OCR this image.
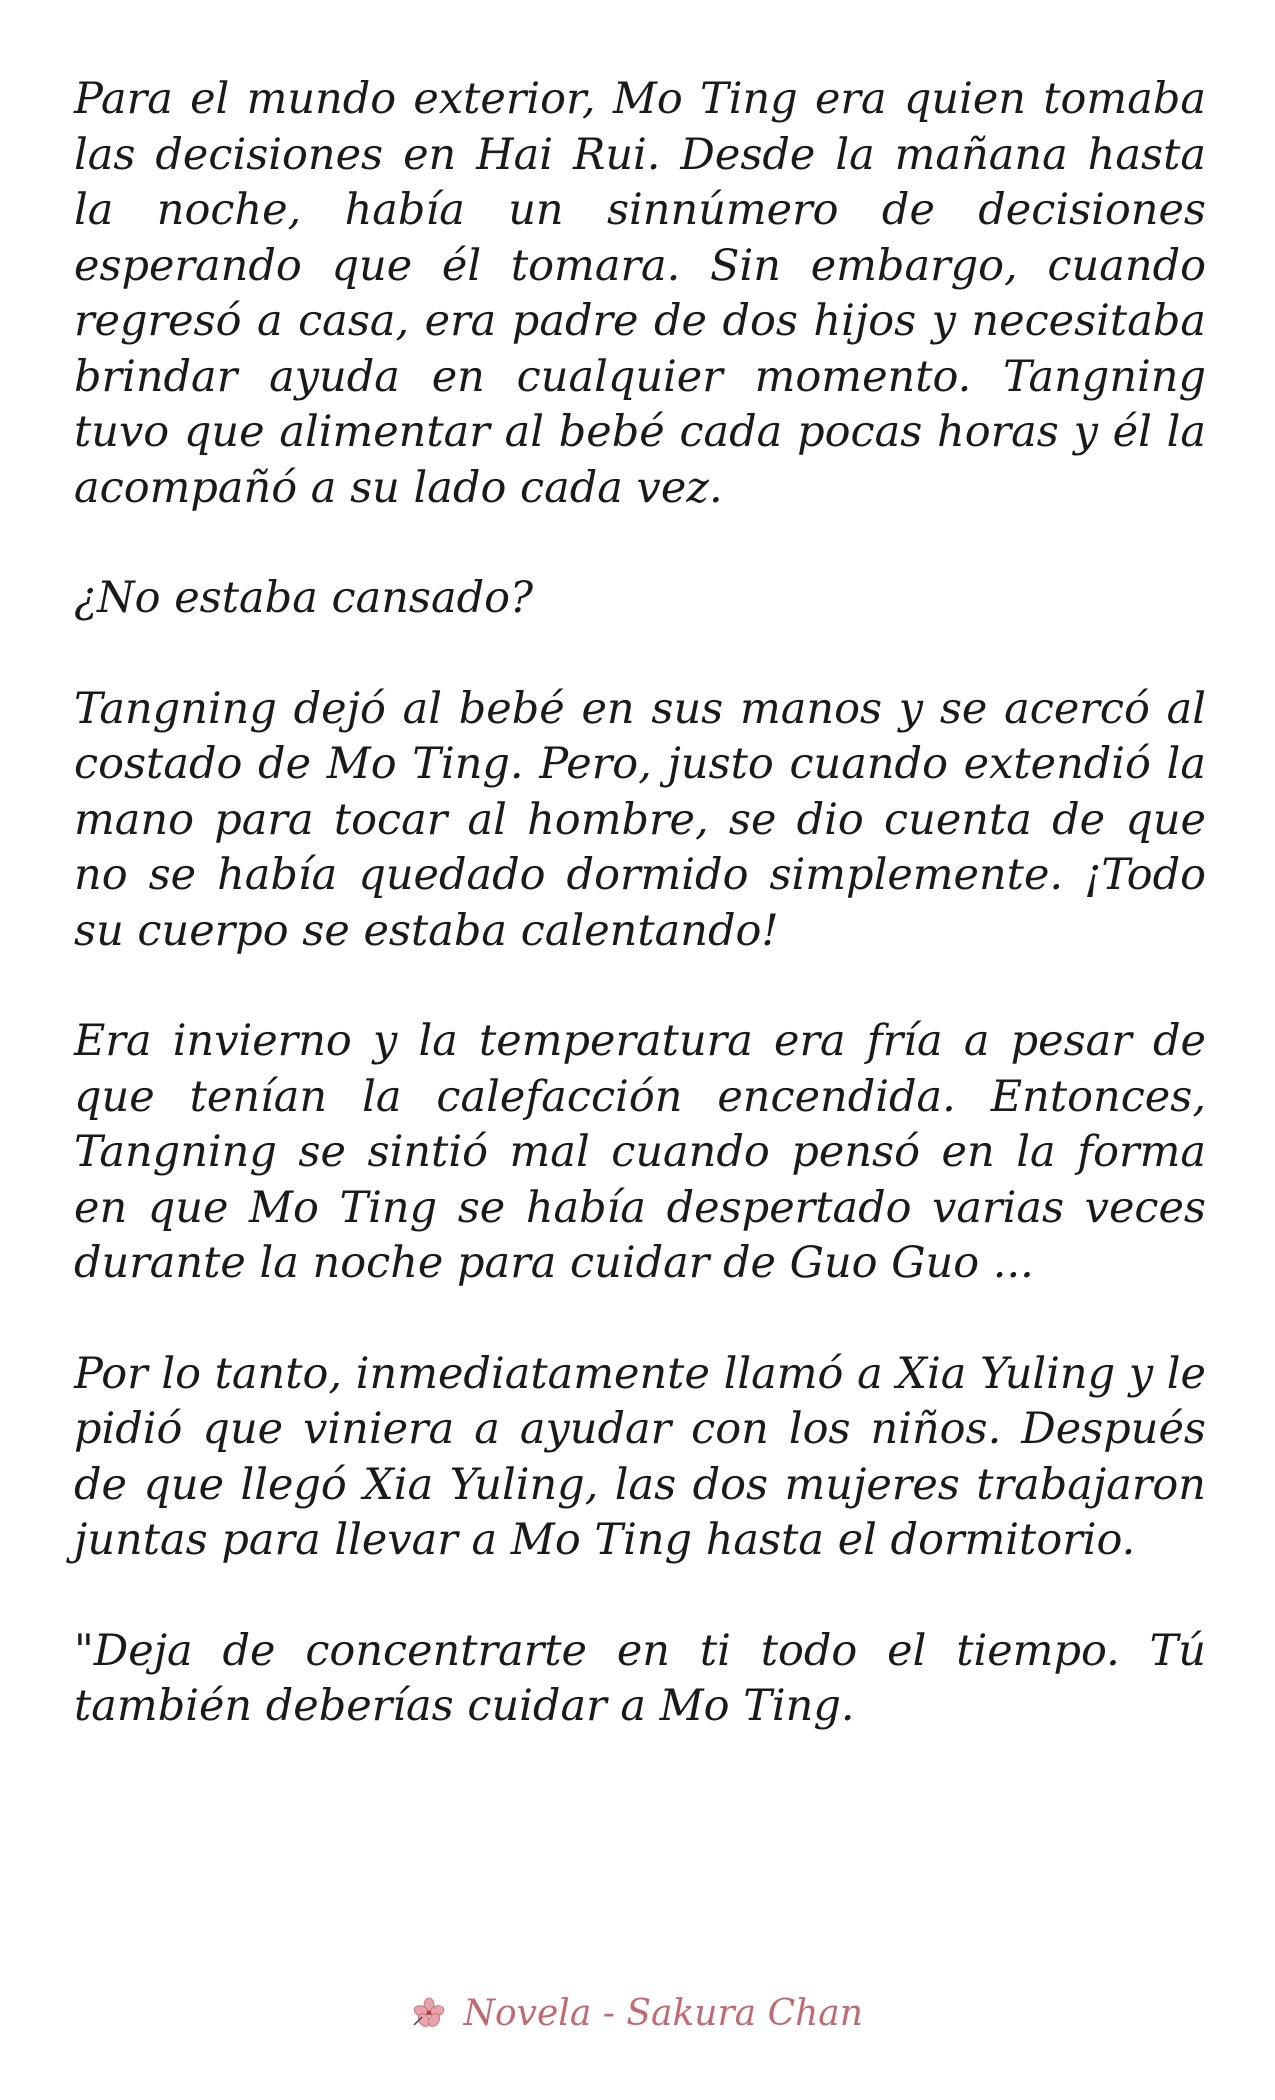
Para el mundo exterior, Mo Ting era quien tomaba las decisiones en Hai Rui. Desde la mañana hasta la noche, había un sinnúmero de decisiones esperando que él tomara. Sin embargo, cuando regresó a casa, era padre de dos hijos y necesitaba brindar ayuda en cualquier momento. Tangning tuvo que alimentar al bebé cada pocas horas y él la acompañó a su lado cada vez.

¿No estaba cansado?

Tangning dejó al bebé en sus manos y se acercó al costado de Mo Ting. Pero, justo cuando extendió la mano para tocar al hombre, se dio cuenta de que no se había quedado dormido simplemente. ¡Todo su cuerpo se estaba calentando!

Era invierno y la temperatura era fría a pesar de que tenían la calefacción encendida. Entonces, Tangning se sintió mal cuando pensó en la forma en que Mo Ting se había despertado varias veces durante la noche para cuidar de Guo Guo ...

Por lo tanto, inmediatamente llamó a Xia Yuling y le pidió que viniera a ayudar con los niños. Después de que llegó Xia Yuling, las dos mujeres trabajaron juntas para llevar a Mo Ting hasta el dormitorio.

"Deja de concentrarte en ti todo el tiempo. Tú también deberías cuidar a Mo Ting.

Novela - Sakura Chan
